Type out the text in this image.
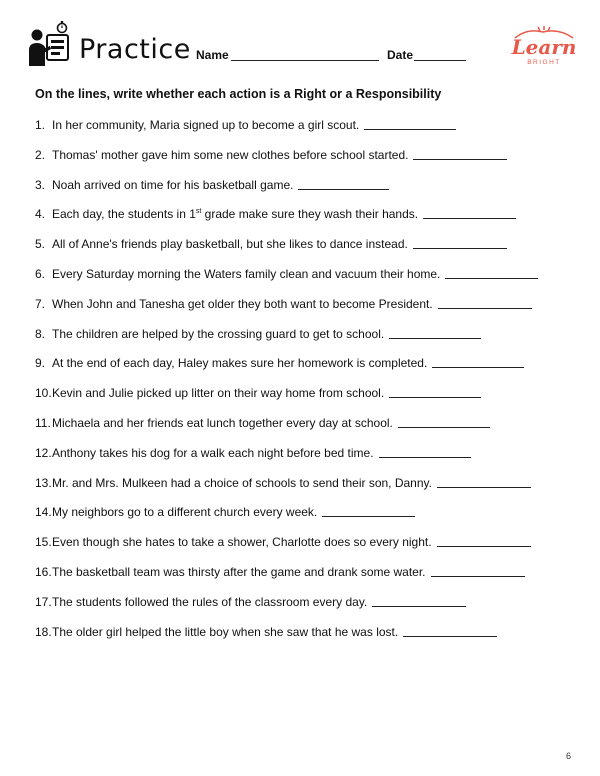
Practice Name	Date	Learn
BRIGHT
On the lines, write whether each action is a Right or a Responsibility
1. In her community, Maria signed up to become a girl scout.
2. Thomas' mother gave him some new clothes before school started.
3. Noah arrived on time for his basketball game.
4. Each day, the students in 1st grade make sure they wash their hands.
5. All of Anne's friends play basketball, but she likes to dance instead.
6. Every Saturday morning the Waters family clean and vacuum their home.
7. When John and Tanesha get older they both want to become President.
8. The children are helped by the crossing guard to get to school.
9. At the end of each day, Haley makes sure her homework is completed.
10. Kevin and Julie picked up litter on their way home from school.
11. Michaela and her friends eat lunch together every day at school.
12. Anthony takes his dog for a walk each night before bed time.
13. Mr. and Mrs. Mulkeen had a choice of schools to send their son, Danny.
14. My neighbors go to a different church every week.
15. Even though she hates to take a shower, Charlotte does so every night.
16. The basketball team was thirsty after the game and drank some water.
17. The students followed the rules of the classroom every day.
18. The older girl helped the little boy when she saw that he was lost.
6
